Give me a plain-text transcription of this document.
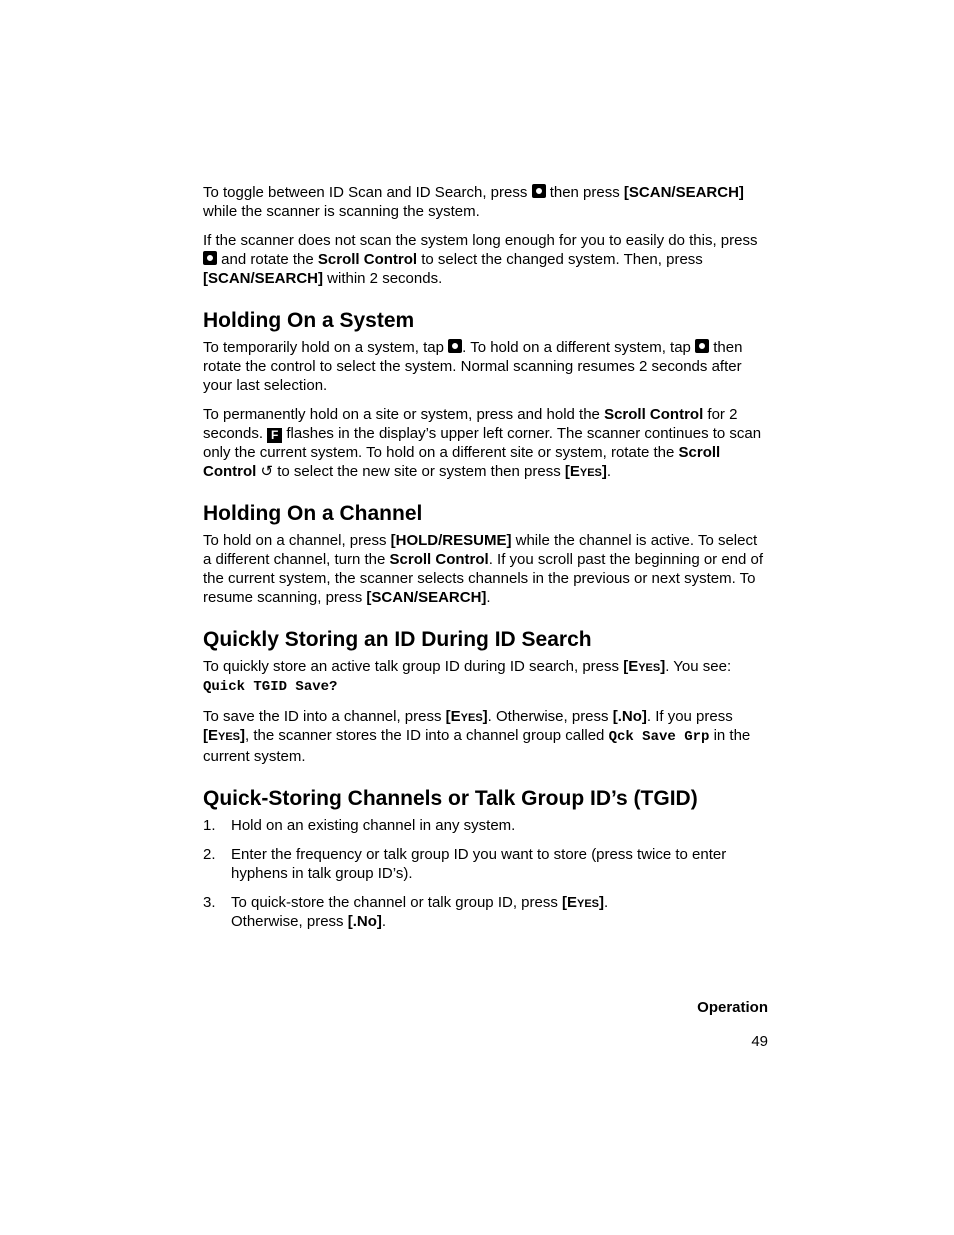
To toggle between ID Scan and ID Search, press  then press [SCAN/SEARCH]
while the scanner is scanning the system.

If the scanner does not scan the system long enough for you to easily do this, press  and rotate the Scroll Control to select the changed system. Then, press [SCAN/SEARCH] within 2 seconds.

Holding On a System

To temporarily hold on a system, tap . To hold on a different system, tap  then rotate the control to select the system. Normal scanning resumes 2 seconds after your last selection.

To permanently hold on a site or system, press and hold the Scroll Control for 2 seconds. F flashes in the display’s upper left corner. The scanner continues to scan only the current system. To hold on a different site or system, rotate the Scroll Control ↺ to select the new site or system then press [Eyes].

Holding On a Channel

To hold on a channel, press [HOLD/RESUME] while the channel is active. To select a different channel, turn the Scroll Control. If you scroll past the beginning or end of the current system, the scanner selects channels in the previous or next system. To resume scanning, press [SCAN/SEARCH].

Quickly Storing an ID During ID Search

To quickly store an active talk group ID during ID search, press [Eyes]. You see:
Quick TGID Save?

To save the ID into a channel, press [Eyes]. Otherwise, press [.No]. If you press [Eyes], the scanner stores the ID into a channel group called Qck Save Grp in the current system.

Quick-Storing Channels or Talk Group ID’s (TGID)
1. Hold on an existing channel in any system.
2. Enter the frequency or talk group ID you want to store (press twice to enter hyphens in talk group ID’s).
3. To quick-store the channel or talk group ID, press [Eyes].
Otherwise, press [.No].
Operation
49
